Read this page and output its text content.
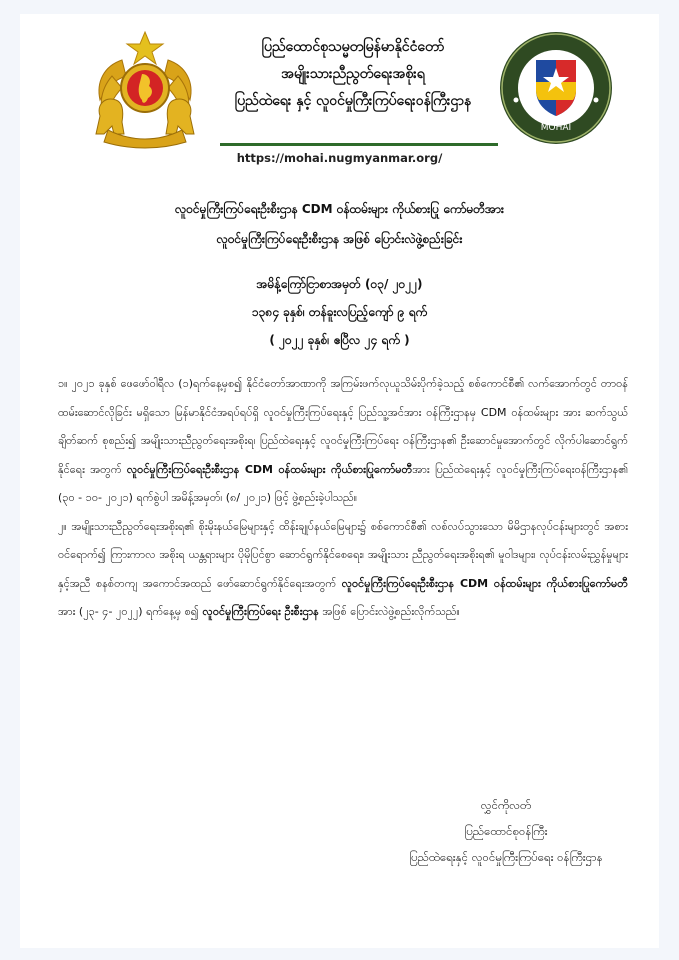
ပြည်ထောင်စုသမ္မတမြန်မာနိုင်ငံတော်
အမျိုးသားညီညွတ်ရေးအစိုးရ
ပြည်ထဲရေး နှင့် လူဝင်မှုကြီးကြပ်ရေးဝန်ကြီးဌာန
MOHAI
https://mohai.nugmyanmar.org/
လူဝင်မှုကြီးကြပ်ရေးဦးစီးဌာန CDM ဝန်ထမ်းများ ကိုယ်စားပြု ကော်မတီအား
လူဝင်မှုကြီးကြပ်ရေးဦးစီးဌာန အဖြစ် ပြောင်းလဲဖွဲ့စည်းခြင်း
အမိန့်ကြော်ငြာစာအမှတ် (၀၃/ ၂၀၂၂)
၁၃၈၄ ခုနှစ်၊ တန်ခူးလပြည့်ကျော် ၉ ရက်
( ၂၀၂၂ ခုနှစ်၊ ဧပြီလ ၂၄ ရက် )

၁။ ၂၀၂၁ ခုနှစ် ဖေဖော်ဝါရီလ (၁)ရက်နေ့မှစ၍ နိုင်ငံတော်အာဏာကို အကြမ်းဖက်လုယူသိမ်းပိုက်ခဲ့သည့် စစ်ကောင်စီ၏ လက်အောက်တွင် တာဝန်ထမ်းဆောင်လိုခြင်း မရှိသော မြန်မာနိုင်ငံအရပ်ရပ်ရှိ လူဝင်မှုကြီးကြပ်ရေးနှင့် ပြည်သူ့အင်အား ဝန်ကြီးဌာနမှ CDM ဝန်ထမ်းများ အား ဆက်သွယ်ချိတ်ဆက် စုစည်း၍ အမျိုးသားညီညွတ်ရေးအစိုးရ၊ ပြည်ထဲရေးနှင့် လူဝင်မှုကြီးကြပ်ရေး ဝန်ကြီးဌာန၏ ဦးဆောင်မှုအောက်တွင် လိုက်ပါဆောင်ရွက်နိုင်ရေး အတွက် လူဝင်မှုကြီးကြပ်ရေးဦးစီးဌာန CDM ဝန်ထမ်းများ ကိုယ်စားပြုကော်မတီအား ပြည်ထဲရေးနှင့် လူဝင်မှုကြီးကြပ်ရေးဝန်ကြီးဌာန၏ (၃၀ - ၁၀- ၂၀၂၁) ရက်စွဲပါ အမိန့်အမှတ်၊ (၈/ ၂၀၂၁) ဖြင့် ဖွဲ့စည်းခဲ့ပါသည်။

၂။ အမျိုးသားညီညွတ်ရေးအစိုးရ၏ စိုးမိုးနယ်မြေများနှင့် ထိန်းချုပ်နယ်မြေများ၌ စစ်ကောင်စီ၏ လစ်လပ်သွားသော မိမိဌာနလုပ်ငန်းများတွင် အစားဝင်ရောက်၍ ကြားကာလ အစိုးရ ယန္တရားများ ပိုမိုပြင်စွာ ဆောင်ရွက်နိုင်စေရေး၊ အမျိုးသား ညီညွတ်ရေးအစိုးရ၏ မူဝါဒများ၊ လုပ်ငန်းလမ်းညွှန်မှုများနှင့်အညီ စနစ်တကျ အကောင်အထည် ဖော်ဆောင်ရွက်နိုင်ရေးအတွက် လူဝင်မှုကြီးကြပ်ရေးဦးစီးဌာန CDM ဝန်ထမ်းများ ကိုယ်စားပြုကော်မတီ အား (၂၃- ၄- ၂၀၂၂) ရက်နေ့မှ စ၍ လူဝင်မှုကြီးကြပ်ရေး ဦးစီးဌာန အဖြစ် ပြောင်းလဲဖွဲ့စည်းလိုက်သည်။

လွှင်ကိုလတ်
ပြည်ထောင်စုဝန်ကြီး
ပြည်ထဲရေးနှင့် လူဝင်မှုကြီးကြပ်ရေး ဝန်ကြီးဌာန
